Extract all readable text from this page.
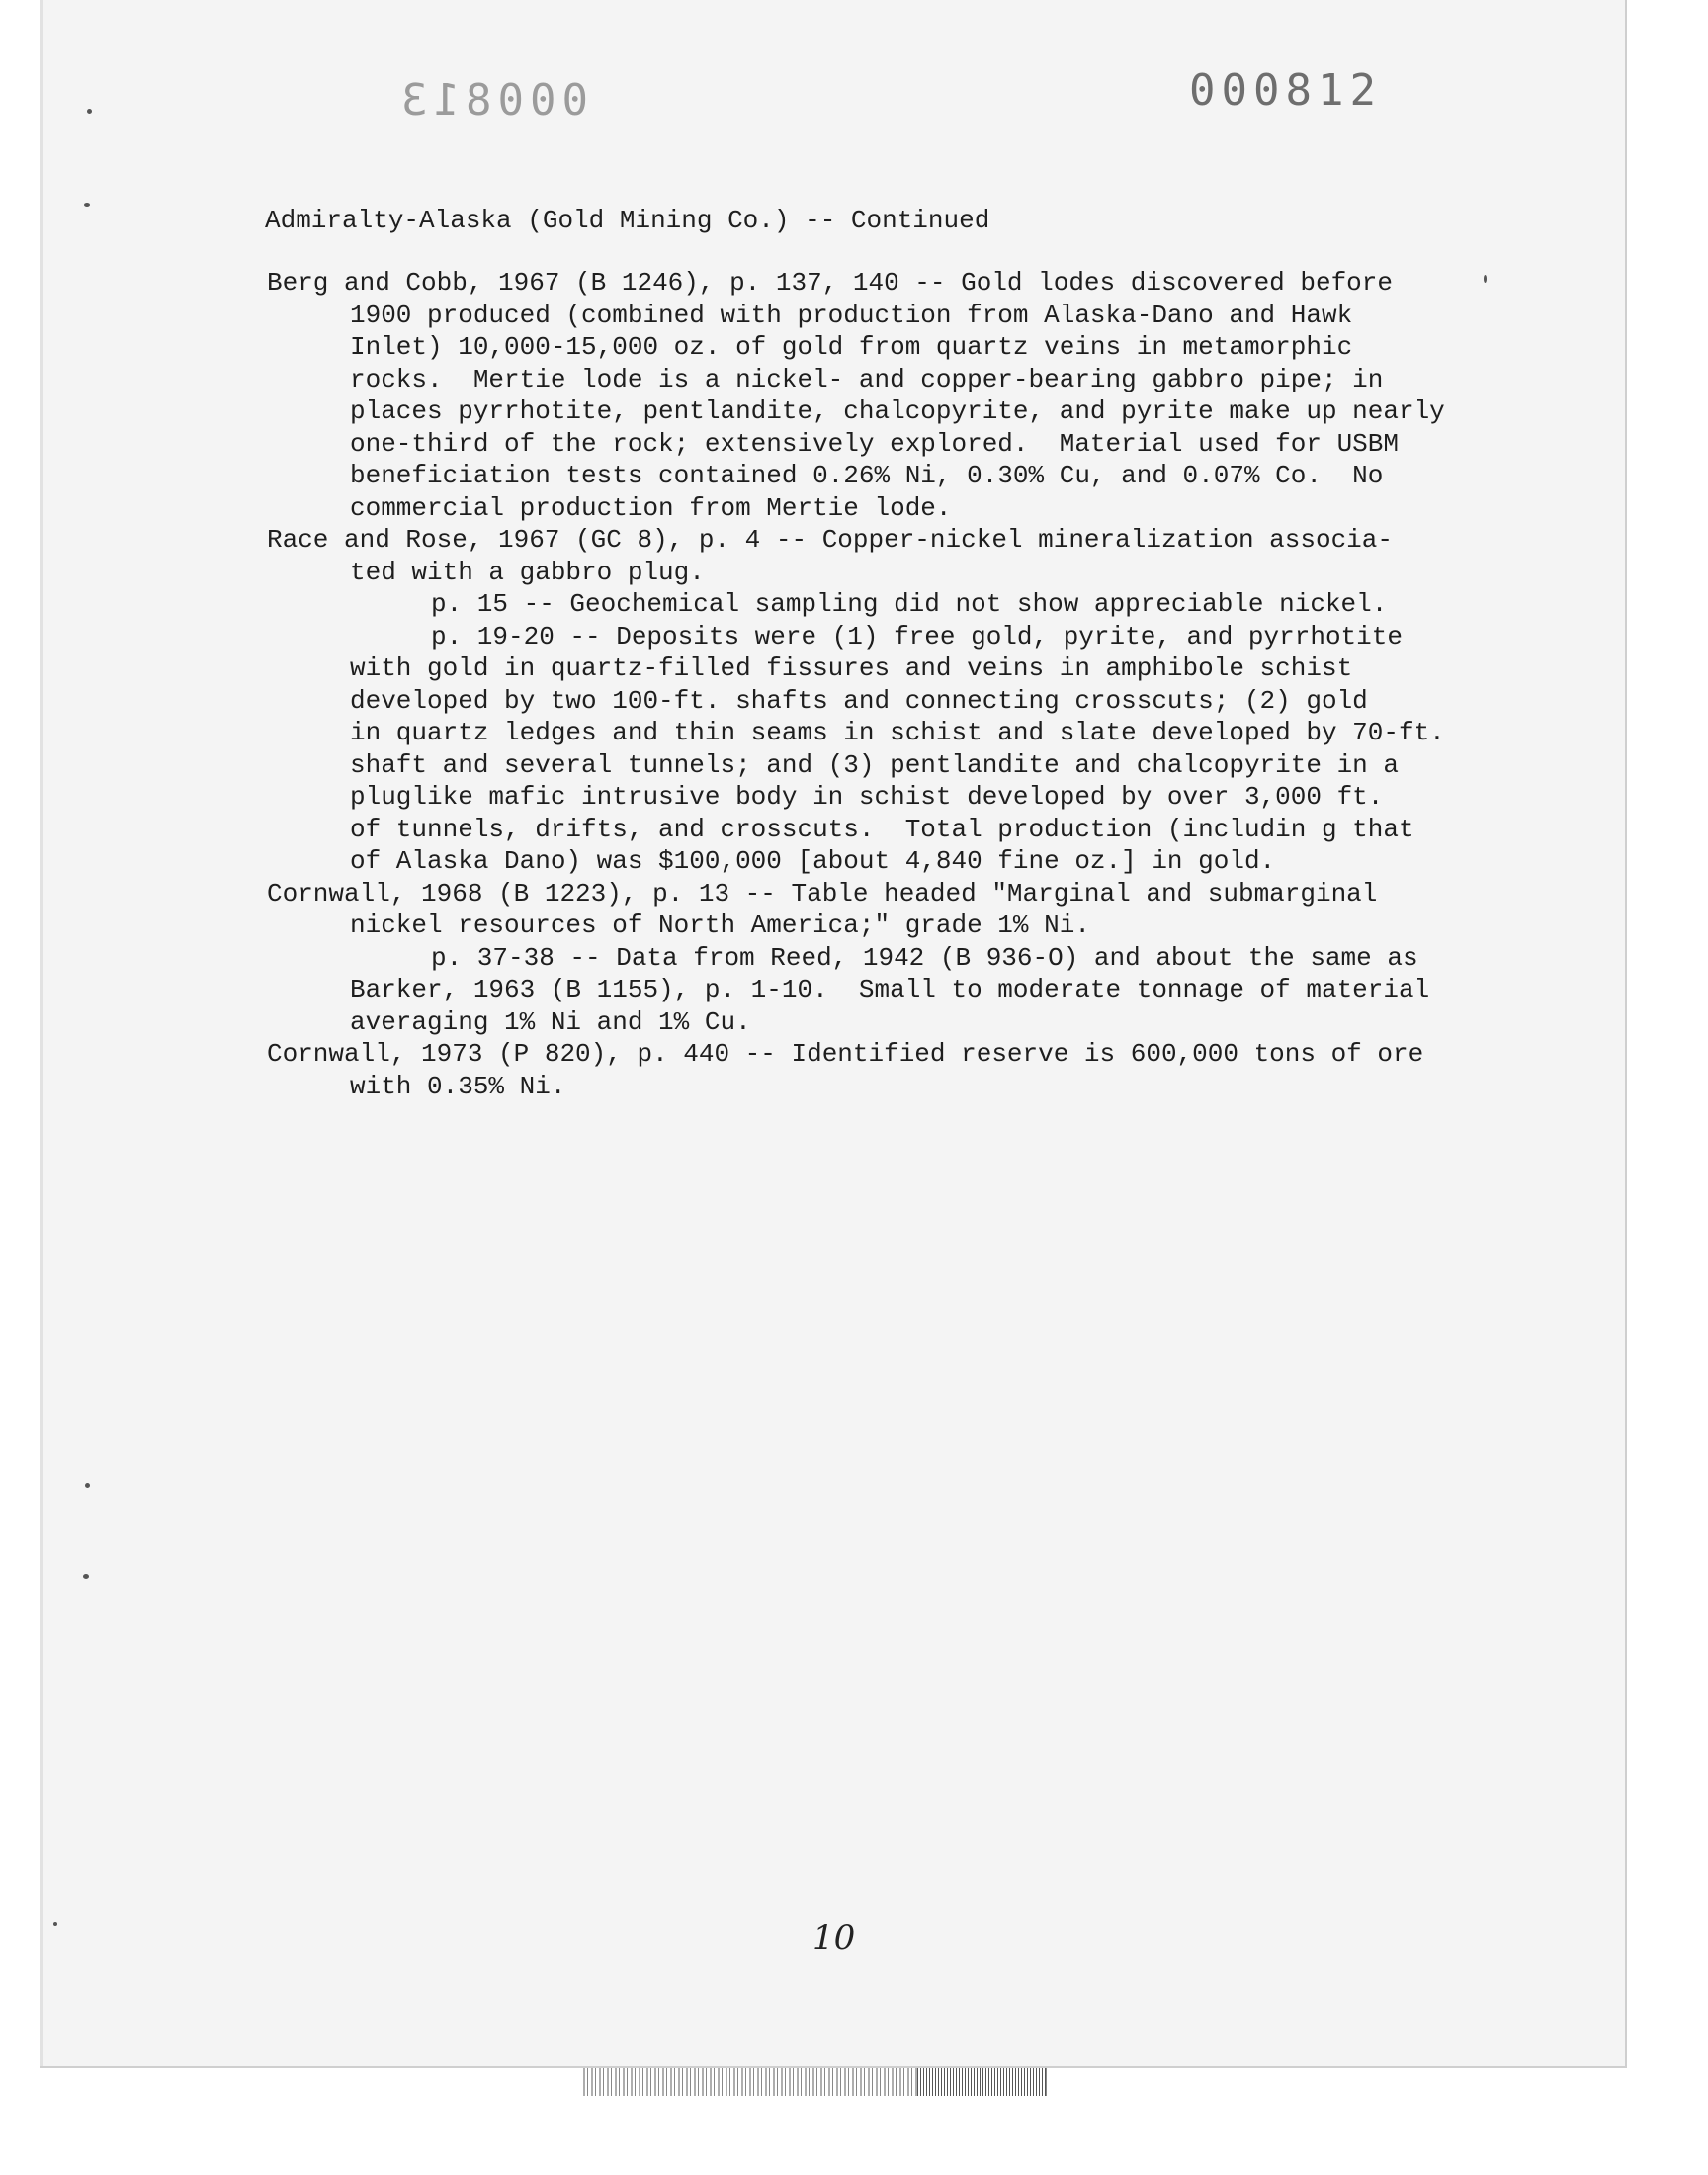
000813	000812
Admiralty-Alaska (Gold Mining Co.) -- Continued
Berg and Cobb, 1967 (B 1246), p. 137, 140 -- Gold lodes discovered before
1900 produced (combined with production from Alaska-Dano and Hawk
Inlet) 10,000-15,000 oz. of gold from quartz veins in metamorphic
rocks.  Mertie lode is a nickel- and copper-bearing gabbro pipe; in
places pyrrhotite, pentlandite, chalcopyrite, and pyrite make up nearly
one-third of the rock; extensively explored.  Material used for USBM
beneficiation tests contained 0.26% Ni, 0.30% Cu, and 0.07% Co.  No
commercial production from Mertie lode.
Race and Rose, 1967 (GC 8), p. 4 -- Copper-nickel mineralization associa-
ted with a gabbro plug.
p. 15 -- Geochemical sampling did not show appreciable nickel.
p. 19-20 -- Deposits were (1) free gold, pyrite, and pyrrhotite
with gold in quartz-filled fissures and veins in amphibole schist
developed by two 100-ft. shafts and connecting crosscuts; (2) gold
in quartz ledges and thin seams in schist and slate developed by 70-ft.
shaft and several tunnels; and (3) pentlandite and chalcopyrite in a
pluglike mafic intrusive body in schist developed by over 3,000 ft.
of tunnels, drifts, and crosscuts.  Total production (includin g that
of Alaska Dano) was $100,000 [about 4,840 fine oz.] in gold.
Cornwall, 1968 (B 1223), p. 13 -- Table headed "Marginal and submarginal
nickel resources of North America;" grade 1% Ni.
p. 37-38 -- Data from Reed, 1942 (B 936-O) and about the same as
Barker, 1963 (B 1155), p. 1-10.  Small to moderate tonnage of material
averaging 1% Ni and 1% Cu.
Cornwall, 1973 (P 820), p. 440 -- Identified reserve is 600,000 tons of ore
with 0.35% Ni.
10
